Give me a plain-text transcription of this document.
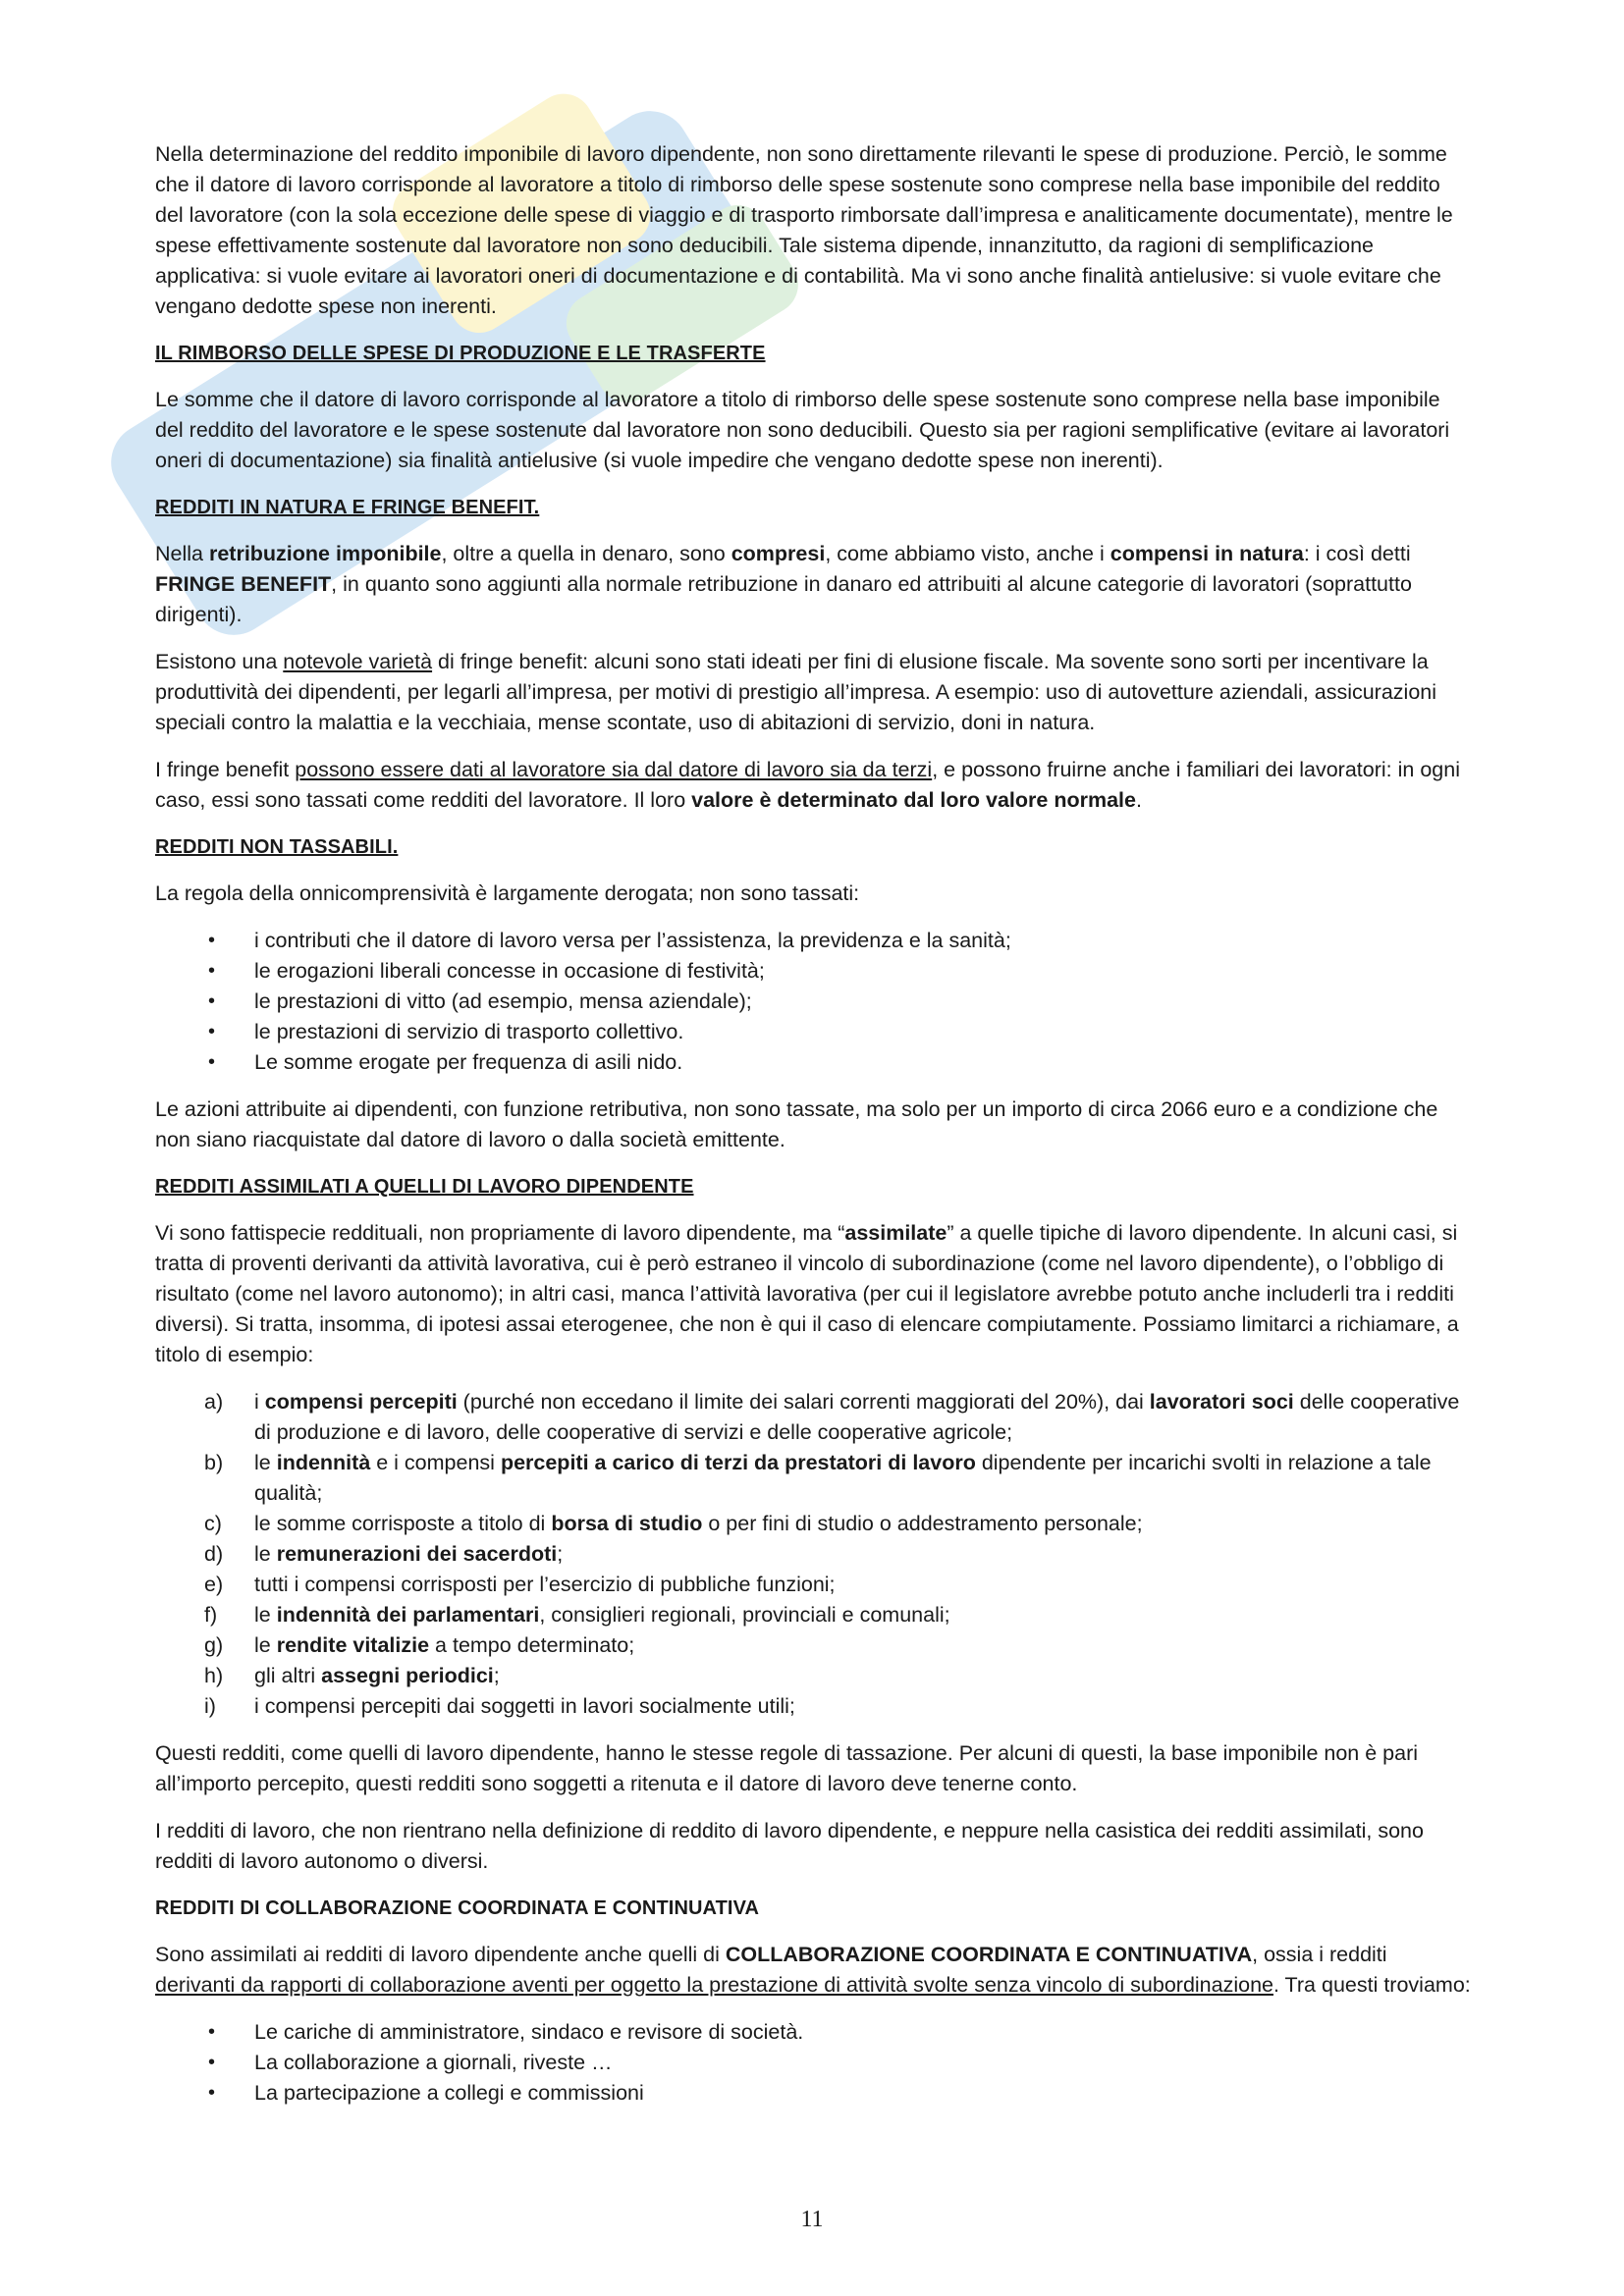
Nella determinazione del reddito imponibile di lavoro dipendente, non sono direttamente rilevanti le spese di produzione. Perciò, le somme che il datore di lavoro corrisponde al lavoratore a titolo di rimborso delle spese sostenute sono comprese nella base imponibile del reddito del lavoratore (con la sola eccezione delle spese di viaggio e di trasporto rimborsate dall’impresa e analiticamente documentate), mentre le spese effettivamente sostenute dal lavoratore non sono deducibili. Tale sistema dipende, innanzitutto, da ragioni di semplificazione applicativa: si vuole evitare ai lavoratori oneri di documentazione e di contabilità. Ma vi sono anche finalità antielusive: si vuole evitare che vengano dedotte spese non inerenti.

IL RIMBORSO DELLE SPESE DI PRODUZIONE E LE TRASFERTE

Le somme che il datore di lavoro corrisponde al lavoratore a titolo di rimborso delle spese sostenute sono comprese nella base imponibile del reddito del lavoratore e le spese sostenute dal lavoratore non sono deducibili. Questo sia per ragioni semplificative (evitare ai lavoratori oneri di documentazione) sia finalità antielusive (si vuole impedire che vengano dedotte spese non inerenti).

REDDITI IN NATURA E FRINGE BENEFIT.

Nella retribuzione imponibile, oltre a quella in denaro, sono compresi, come abbiamo visto, anche i compensi in natura: i così detti FRINGE BENEFIT, in quanto sono aggiunti alla normale retribuzione in danaro ed attribuiti al alcune categorie di lavoratori (soprattutto dirigenti).

Esistono una notevole varietà di fringe benefit: alcuni sono stati ideati per fini di elusione fiscale. Ma sovente sono sorti per incentivare la produttività dei dipendenti, per legarli all’impresa, per motivi di prestigio all’impresa. A esempio: uso di autovetture aziendali, assicurazioni speciali contro la malattia e la vecchiaia, mense scontate, uso di abitazioni di servizio, doni in natura.

I fringe benefit possono essere dati al lavoratore sia dal datore di lavoro sia da terzi, e possono fruirne anche i familiari dei lavoratori: in ogni caso, essi sono tassati come redditi del lavoratore. Il loro valore è determinato dal loro valore normale.

REDDITI NON TASSABILI.

La regola della onnicomprensività è largamente derogata; non sono tassati:

• i contributi che il datore di lavoro versa per l’assistenza, la previdenza e la sanità;
• le erogazioni liberali concesse in occasione di festività;
• le prestazioni di vitto (ad esempio, mensa aziendale);
• le prestazioni di servizio di trasporto collettivo.
• Le somme erogate per frequenza di asili nido.

Le azioni attribuite ai dipendenti, con funzione retributiva, non sono tassate, ma solo per un importo di circa 2066 euro e a condizione che non siano riacquistate dal datore di lavoro o dalla società emittente.

REDDITI ASSIMILATI A QUELLI DI LAVORO DIPENDENTE

Vi sono fattispecie reddituali, non propriamente di lavoro dipendente, ma “assimilate” a quelle tipiche di lavoro dipendente. In alcuni casi, si tratta di proventi derivanti da attività lavorativa, cui è però estraneo il vincolo di subordinazione (come nel lavoro dipendente), o l’obbligo di risultato (come nel lavoro autonomo); in altri casi, manca l’attività lavorativa (per cui il legislatore avrebbe potuto anche includerli tra i redditi diversi). Si tratta, insomma, di ipotesi assai eterogenee, che non è qui il caso di elencare compiutamente. Possiamo limitarci a richiamare, a titolo di esempio:

a) i compensi percepiti (purché non eccedano il limite dei salari correnti maggiorati del 20%), dai lavoratori soci delle cooperative di produzione e di lavoro, delle cooperative di servizi e delle cooperative agricole;
b) le indennità e i compensi percepiti a carico di terzi da prestatori di lavoro dipendente per incarichi svolti in relazione a tale qualità;
c) le somme corrisposte a titolo di borsa di studio o per fini di studio o addestramento personale;
d) le remunerazioni dei sacerdoti;
e) tutti i compensi corrisposti per l’esercizio di pubbliche funzioni;
f) le indennità dei parlamentari, consiglieri regionali, provinciali e comunali;
g) le rendite vitalizie a tempo determinato;
h) gli altri assegni periodici;
i) i compensi percepiti dai soggetti in lavori socialmente utili;

Questi redditi, come quelli di lavoro dipendente, hanno le stesse regole di tassazione. Per alcuni di questi, la base imponibile non è pari all’importo percepito, questi redditi sono soggetti a ritenuta e il datore di lavoro deve tenerne conto.

I redditi di lavoro, che non rientrano nella definizione di reddito di lavoro dipendente, e neppure nella casistica dei redditi assimilati, sono redditi di lavoro autonomo o diversi.

REDDITI DI COLLABORAZIONE COORDINATA E CONTINUATIVA

Sono assimilati ai redditi di lavoro dipendente anche quelli di COLLABORAZIONE COORDINATA E CONTINUATIVA, ossia i redditi derivanti da rapporti di collaborazione aventi per oggetto la prestazione di attività svolte senza vincolo di subordinazione. Tra questi troviamo:

• Le cariche di amministratore, sindaco e revisore di società.
• La collaborazione a giornali, riveste …
• La partecipazione a collegi e commissioni
11
